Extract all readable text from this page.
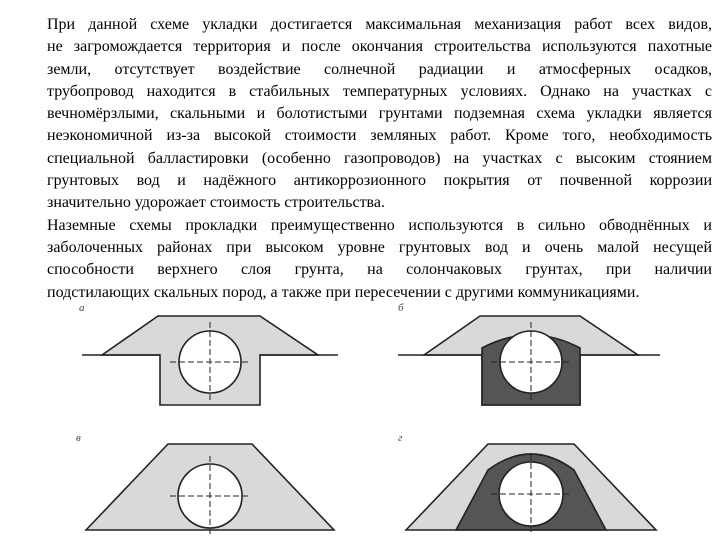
При данной схеме укладки достигается максимальная механизация работ всех видов,
не загромождается территория и после окончания строительства используются пахотные
земли, отсутствует воздействие солнечной радиации и атмосферных осадков,
трубопровод находится в стабильных температурных условиях. Однако на участках с
вечномёрзлыми, скальными и болотистыми грунтами подземная схема укладки является
неэкономичной из-за высокой стоимости земляных работ. Кроме того, необходимость
специальной балластировки (особенно газопроводов) на участках с высоким стоянием
грунтовых вод и надёжного антикоррозионного покрытия от почвенной коррозии
значительно удорожает стоимость строительства.

Наземные схемы прокладки преимущественно используются в сильно обводнённых и
заболоченных районах при высоком уровне грунтовых вод и очень малой несущей
способности верхнего слоя грунта, на солончаковых грунтах, при наличии
подстилающих скальных пород, а также при пересечении с другими коммуникациями.

а	б
в	г
